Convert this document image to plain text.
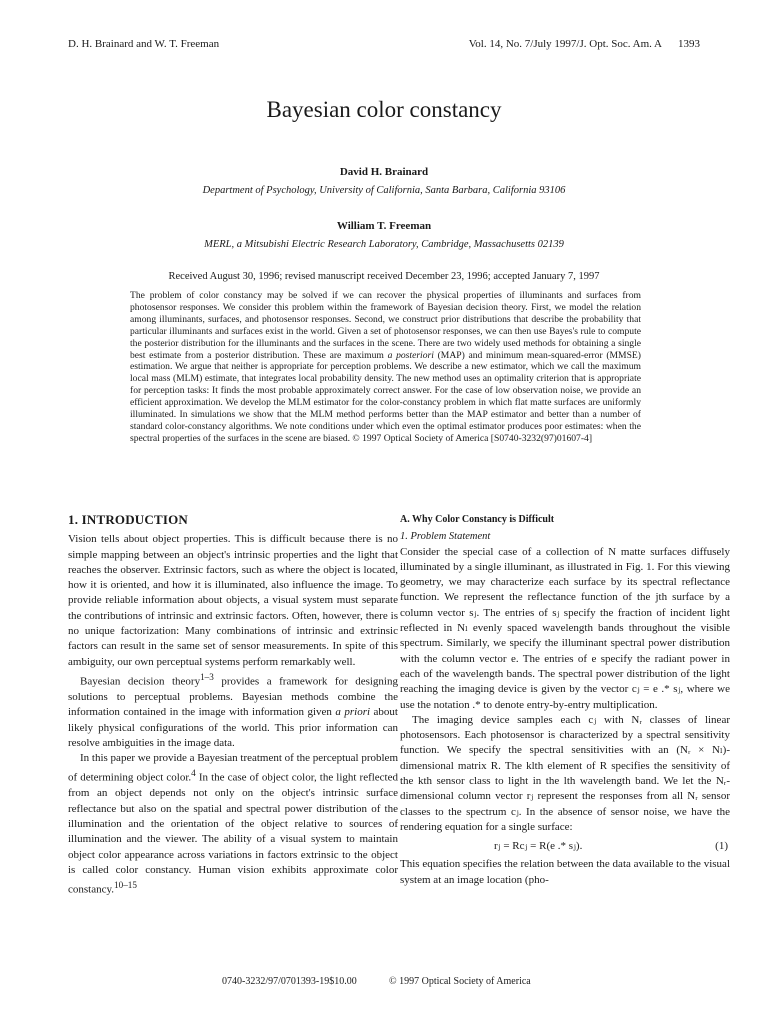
D. H. Brainard and W. T. Freeman	Vol. 14, No. 7/July 1997/J. Opt. Soc. Am. A 1393
Bayesian color constancy
David H. Brainard
Department of Psychology, University of California, Santa Barbara, California 93106
William T. Freeman
MERL, a Mitsubishi Electric Research Laboratory, Cambridge, Massachusetts 02139
Received August 30, 1996; revised manuscript received December 23, 1996; accepted January 7, 1997

The problem of color constancy may be solved if we can recover the physical properties of illuminants and surfaces from photosensor responses. We consider this problem within the framework of Bayesian decision theory. First, we model the relation among illuminants, surfaces, and photosensor responses. Second, we construct prior distributions that describe the probability that particular illuminants and surfaces exist in the world. Given a set of photosensor responses, we can then use Bayes's rule to compute the posterior distribution for the illuminants and the surfaces in the scene. There are two widely used methods for obtaining a single best estimate from a posterior distribution. These are maximum a posteriori (MAP) and minimum mean-squared-error (MMSE) estimation. We argue that neither is appropriate for perception problems. We describe a new estimator, which we call the maximum local mass (MLM) estimate, that integrates local probability density. The new method uses an optimality criterion that is appropriate for perception tasks: It finds the most probable approximately correct answer. For the case of low observation noise, we provide an efficient approximation. We develop the MLM estimator for the color-constancy problem in which flat matte surfaces are uniformly illuminated. In simulations we show that the MLM method performs better than the MAP estimator and better than a number of standard color-constancy algorithms. We note conditions under which even the optimal estimator produces poor estimates: when the spectral properties of the surfaces in the scene are biased. © 1997 Optical Society of America [S0740-3232(97)01607-4]

1. INTRODUCTION

Vision tells about object properties. This is difficult because there is no simple mapping between an object's intrinsic properties and the light that reaches the observer. Extrinsic factors, such as where the object is located, how it is oriented, and how it is illuminated, also influence the image. To provide reliable information about objects, a visual system must separate the contributions of intrinsic and extrinsic factors. Often, however, there is no unique factorization: Many combinations of intrinsic and extrinsic factors can result in the same set of sensor measurements. In spite of this ambiguity, our own perceptual systems perform remarkably well.

Bayesian decision theory$^{1-3}$ provides a framework for designing solutions to perceptual problems. Bayesian methods combine the information contained in the image with information given a priori about likely physical configurations of the world. This prior information can resolve ambiguities in the image data.

In this paper we provide a Bayesian treatment of the perceptual problem of determining object color.$^4$ In the case of object color, the light reflected from an object depends not only on the object's intrinsic surface reflectance but also on the spatial and spectral power distribution of the illumination and the orientation of the object relative to sources of illumination and the viewer. The ability of a visual system to maintain object color appearance across variations in factors extrinsic to the object is called color constancy. Human vision exhibits approximate color constancy.$^{10-15}$

A. Why Color Constancy is Difficult
1. Problem Statement

Consider the special case of a collection of N matte surfaces diffusely illuminated by a single illuminant, as illustrated in Fig. 1. For this viewing geometry, we may characterize each surface by its spectral reflectance function. We represent the reflectance function of the jth surface by a column vector sⱼ. The entries of sⱼ specify the fraction of incident light reflected in Nₗ evenly spaced wavelength bands throughout the visible spectrum. Similarly, we specify the illuminant spectral power distribution with the column vector e. The entries of e specify the radiant power in each of the wavelength bands. The spectral power distribution of the light reaching the imaging device is given by the vector cⱼ = e .* sⱼ, where we use the notation .* to denote entry-by-entry multiplication.

The imaging device samples each cⱼ with Nᵣ classes of linear photosensors. Each photosensor is characterized by a spectral sensitivity function. We specify the spectral sensitivities with an (Nᵣ × Nₗ)-dimensional matrix R. The klth element of R specifies the sensitivity of the kth sensor class to light in the lth wavelength band. We let the Nᵣ-dimensional column vector rⱼ represent the responses from all Nᵣ sensor classes to the spectrum cⱼ. In the absence of sensor noise, we have the rendering equation for a single surface:

rⱼ = Rcⱼ = R(e .* sⱼ).	(1)

This equation specifies the relation between the data available to the visual system at an image location (pho-

0740-3232/97/0701393-19$10.00	© 1997 Optical Society of America
